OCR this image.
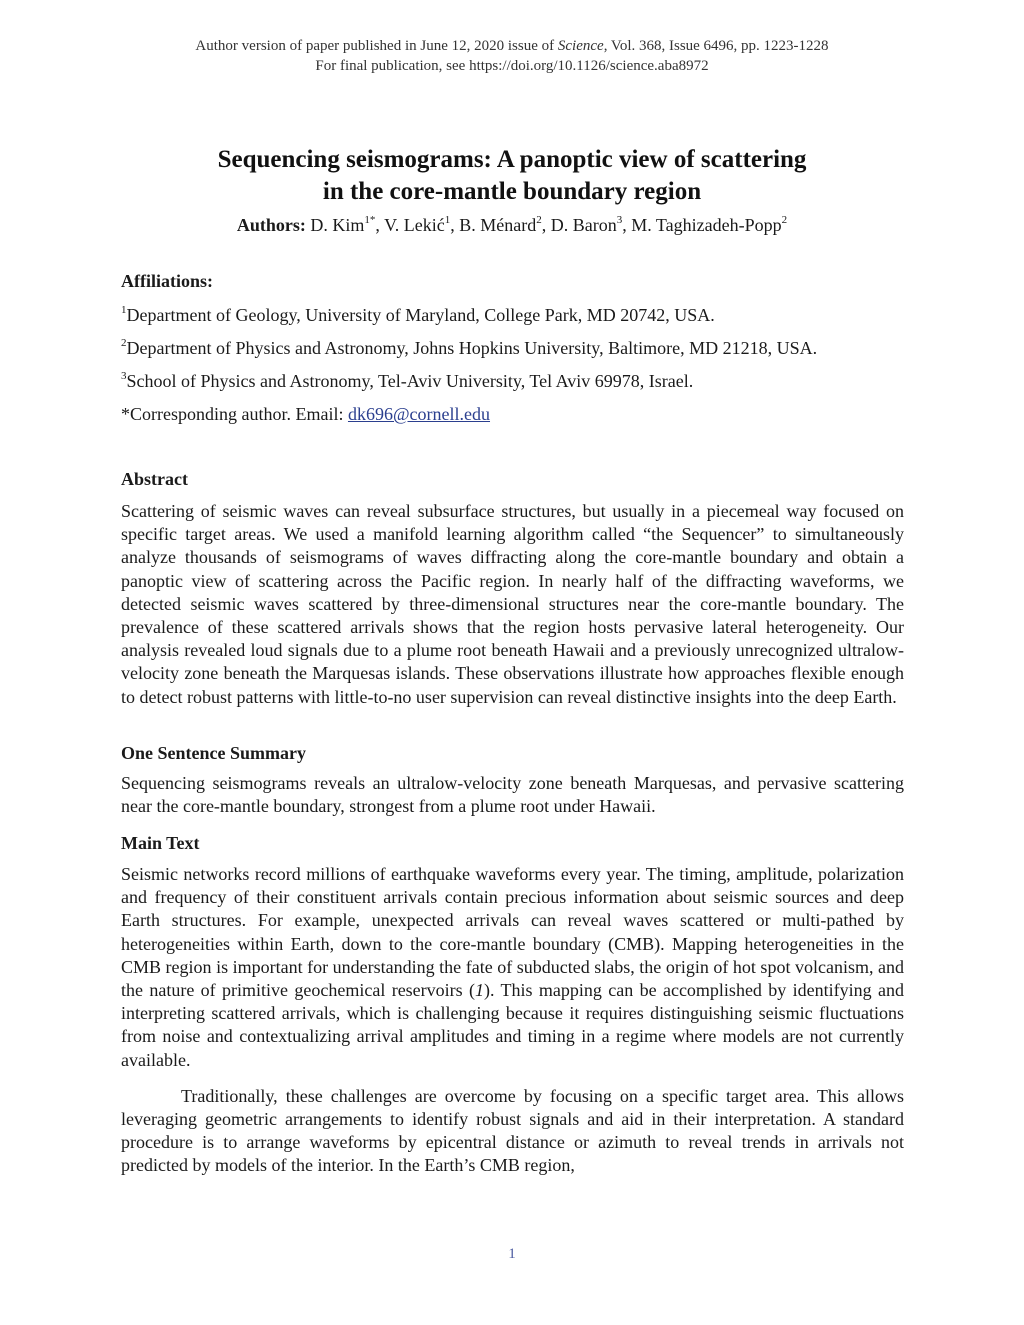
Author version of paper published in June 12, 2020 issue of Science, Vol. 368, Issue 6496, pp. 1223-1228
For final publication, see https://doi.org/10.1126/science.aba8972
Sequencing seismograms: A panoptic view of scattering
in the core-mantle boundary region
Authors: D. Kim$^{1*}$, V. Lekić$^1$, B. Ménard$^2$, D. Baron$^3$, M. Taghizadeh-Popp$^2$

Affiliations:

$^1$Department of Geology, University of Maryland, College Park, MD 20742, USA.

$^2$Department of Physics and Astronomy, Johns Hopkins University, Baltimore, MD 21218, USA.

$^3$School of Physics and Astronomy, Tel-Aviv University, Tel Aviv 69978, Israel.

*Corresponding author. Email: dk696@cornell.edu

Abstract

Scattering of seismic waves can reveal subsurface structures, but usually in a piecemeal way focused on specific target areas. We used a manifold learning algorithm called “the Sequencer” to simultaneously analyze thousands of seismograms of waves diffracting along the core-mantle boundary and obtain a panoptic view of scattering across the Pacific region. In nearly half of the diffracting waveforms, we detected seismic waves scattered by three-dimensional structures near the core-mantle boundary. The prevalence of these scattered arrivals shows that the region hosts pervasive lateral heterogeneity. Our analysis revealed loud signals due to a plume root beneath Hawaii and a previously unrecognized ultralow-velocity zone beneath the Marquesas islands. These observations illustrate how approaches flexible enough to detect robust patterns with little-to-no user supervision can reveal distinctive insights into the deep Earth.

One Sentence Summary

Sequencing seismograms reveals an ultralow-velocity zone beneath Marquesas, and pervasive scattering near the core-mantle boundary, strongest from a plume root under Hawaii.

Main Text

Seismic networks record millions of earthquake waveforms every year. The timing, amplitude, polarization and frequency of their constituent arrivals contain precious information about seismic sources and deep Earth structures. For example, unexpected arrivals can reveal waves scattered or multi-pathed by heterogeneities within Earth, down to the core-mantle boundary (CMB). Mapping heterogeneities in the CMB region is important for understanding the fate of subducted slabs, the origin of hot spot volcanism, and the nature of primitive geochemical reservoirs (1). This mapping can be accomplished by identifying and interpreting scattered arrivals, which is challenging because it requires distinguishing seismic fluctuations from noise and contextualizing arrival amplitudes and timing in a regime where models are not currently available.

Traditionally, these challenges are overcome by focusing on a specific target area. This allows leveraging geometric arrangements to identify robust signals and aid in their interpretation. A standard procedure is to arrange waveforms by epicentral distance or azimuth to reveal trends in arrivals not predicted by models of the interior. In the Earth’s CMB region,

1
